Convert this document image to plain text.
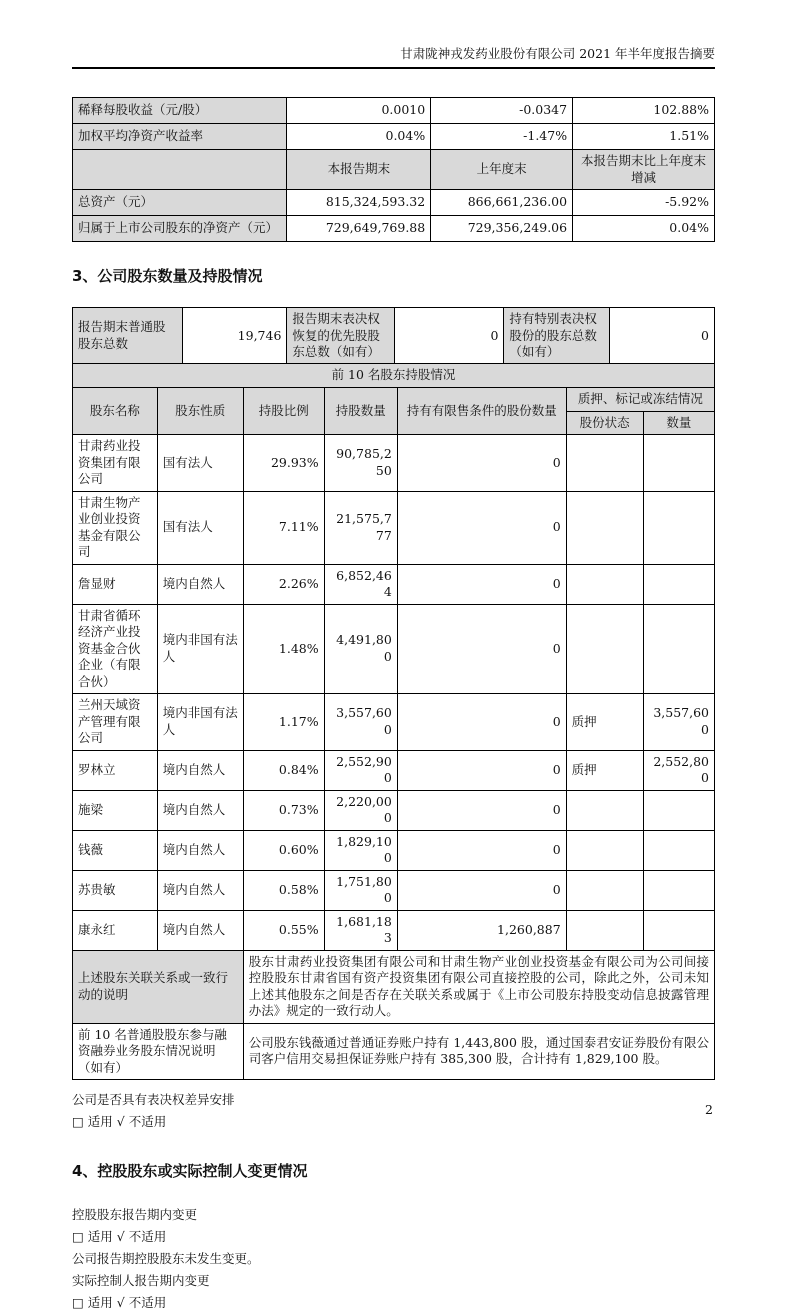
甘肃陇神戎发药业股份有限公司 2021 年半年度报告摘要
稀释每股收益（元/股）	0.0010	-0.0347	102.88%
加权平均净资产收益率	0.04%	-1.47%	1.51%
	本报告期末	上年度末	本报告期末比上年度末增减
总资产（元）	815,324,593.32	866,661,236.00	-5.92%
归属于上市公司股东的净资产（元）	729,649,769.88	729,356,249.06	0.04%
3、公司股东数量及持股情况
报告期末普通股股东总数	19,746	报告期末表决权恢复的优先股股东总数（如有）	0	持有特别表决权股份的股东总数（如有）	0
前 10 名股东持股情况						
股东名称	股东性质	持股比例	持股数量	持有有限售条件的股份数量	质押、标记或冻结情况	
					股份状态	数量
甘肃药业投资集团有限公司	国有法人	29.93%	90,785,250	0		
甘肃生物产业创业投资基金有限公司	国有法人	7.11%	21,575,777	0		
詹显财	境内自然人	2.26%	6,852,464	0		
甘肃省循环经济产业投资基金合伙企业（有限合伙）	境内非国有法人	1.48%	4,491,800	0		
兰州天域资产管理有限公司	境内非国有法人	1.17%	3,557,600	0	质押	3,557,600
罗林立	境内自然人	0.84%	2,552,900	0	质押	2,552,800
施梁	境内自然人	0.73%	2,220,000	0		
钱薇	境内自然人	0.60%	1,829,100	0		
苏贵敏	境内自然人	0.58%	1,751,800	0		
康永红	境内自然人	0.55%	1,681,183	1,260,887		
上述股东关联关系或一致行动的说明		股东甘肃药业投资集团有限公司和甘肃生物产业创业投资基金有限公司为公司间接控股股东甘肃省国有资产投资集团有限公司直接控股的公司，除此之外，公司未知上述其他股东之间是否存在关联关系或属于《上市公司股东持股变动信息披露管理办法》规定的一致行动人。				
前 10 名普通股股东参与融资融券业务股东情况说明（如有）		公司股东钱薇通过普通证券账户持有 1,443,800 股，通过国泰君安证券股份有限公司客户信用交易担保证券账户持有 385,300 股，合计持有 1,829,100 股。				

公司是否具有表决权差异安排

□ 适用 √ 不适用

4、控股股东或实际控制人变更情况

控股股东报告期内变更

□ 适用 √ 不适用

公司报告期控股股东未发生变更。

实际控制人报告期内变更

□ 适用 √ 不适用

2
